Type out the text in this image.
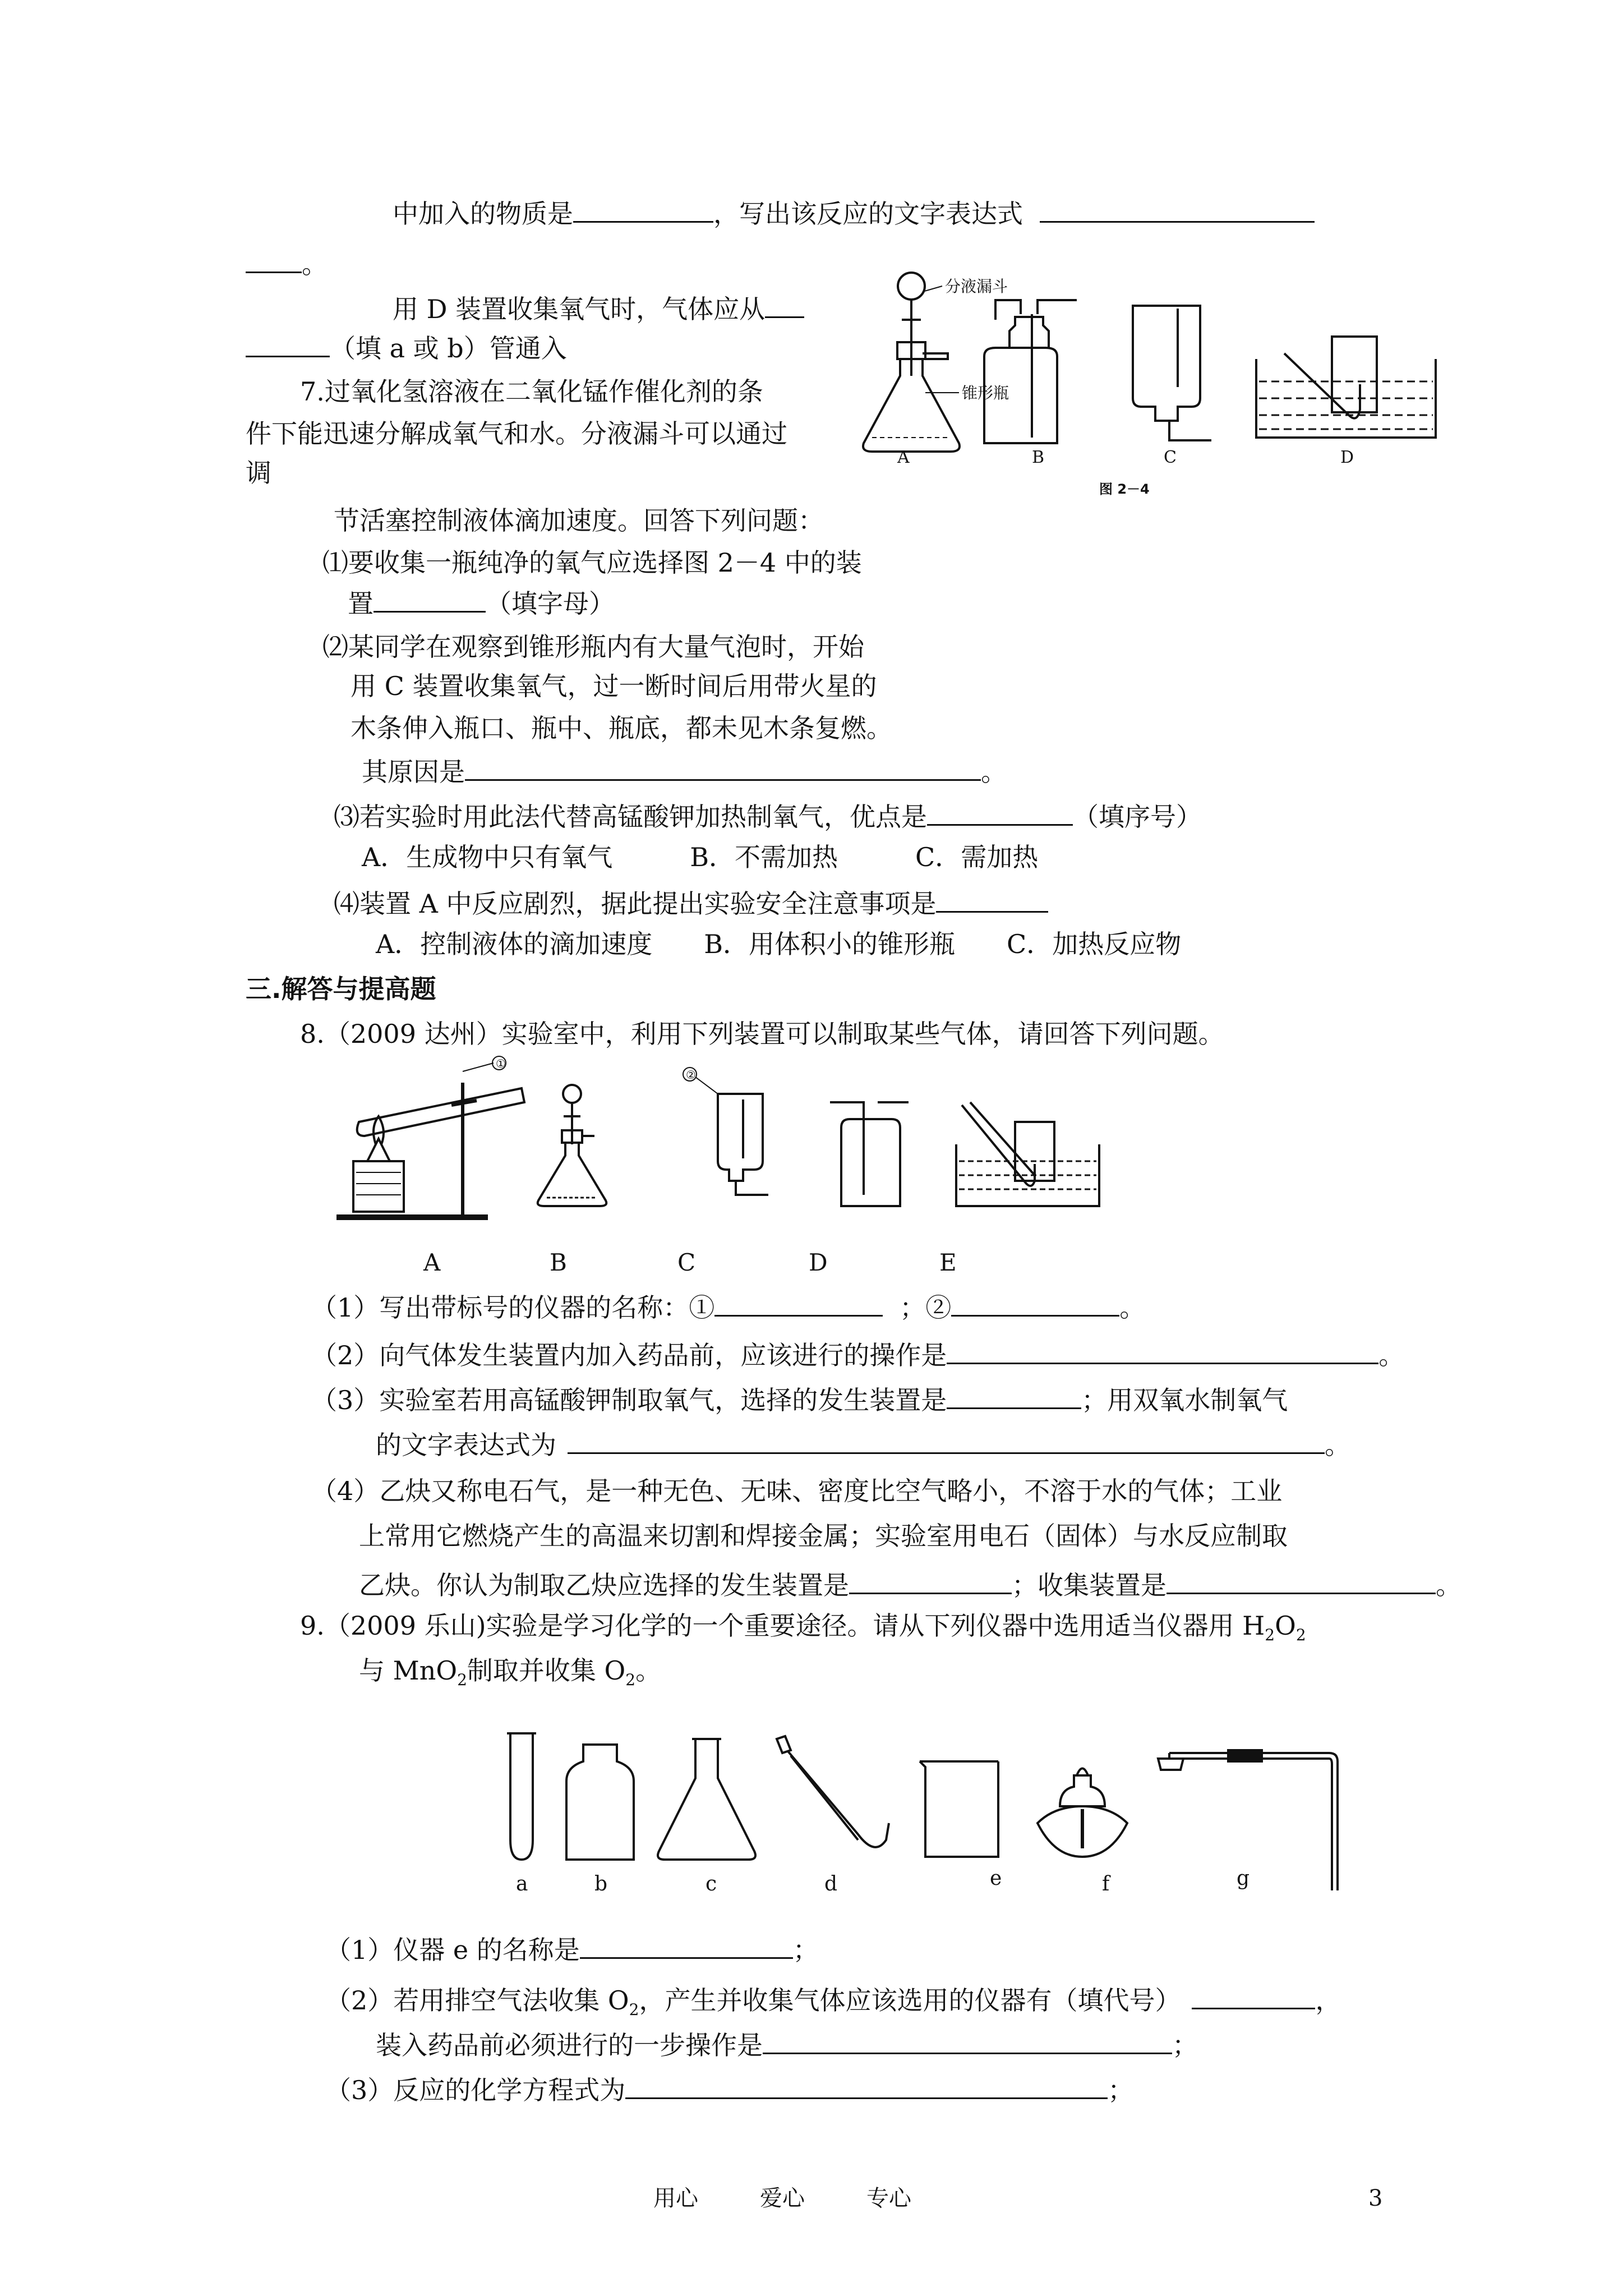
中加入的物质是	，写出该反应的文字表达式
。
用 D 装置收集氧气时，气体应从
（填 a 或 b）管通入
7.过氧化氢溶液在二氧化锰作催化剂的条
件下能迅速分解成氧气和水。分液漏斗可以通过
调
分液漏斗
锥形瓶
A	B	C	D
图 2－4
节活塞控制液体滴加速度。回答下列问题：
⑴要收集一瓶纯净的氧气应选择图 2－4 中的装
置	（填字母）
⑵某同学在观察到锥形瓶内有大量气泡时，开始
用 C 装置收集氧气，过一断时间后用带火星的
木条伸入瓶口、瓶中、瓶底，都未见木条复燃。
其原因是	。
⑶若实验时用此法代替高锰酸钾加热制氧气，优点是	（填序号）
A．生成物中只有氧气　　　B．不需加热　　　C．需加热
⑷装置 A 中反应剧烈，据此提出实验安全注意事项是
A．控制液体的滴加速度　　B．用体积小的锥形瓶　　C．加热反应物
三.解答与提高题
8.（2009 达州）实验室中，利用下列装置可以制取某些气体，请回答下列问题。
①
②
A	B	C	D	E
（1）写出带标号的仪器的名称：①	；②	。
（2）向气体发生装置内加入药品前，应该进行的操作是	。
（3）实验室若用高锰酸钾制取氧气，选择的发生装置是	；用双氧水制氧气
的文字表达式为	。
（4）乙炔又称电石气，是一种无色、无味、密度比空气略小，不溶于水的气体；工业
上常用它燃烧产生的高温来切割和焊接金属；实验室用电石（固体）与水反应制取
乙炔。你认为制取乙炔应选择的发生装置是	；收集装置是	。
9.（2009 乐山)实验是学习化学的一个重要途径。请从下列仪器中选用适当仪器用 $H_2O_2$
与 MnO$_2$制取并收集 $O_2$。
a	b	c	d	e	f	g
（1）仪器 e 的名称是	；
（2）若用排空气法收集 $O_2$，产生并收集气体应该选用的仪器有（填代号）	，
装入药品前必须进行的一步操作是	；
（3）反应的化学方程式为	；
用心	爱心	专心	3
